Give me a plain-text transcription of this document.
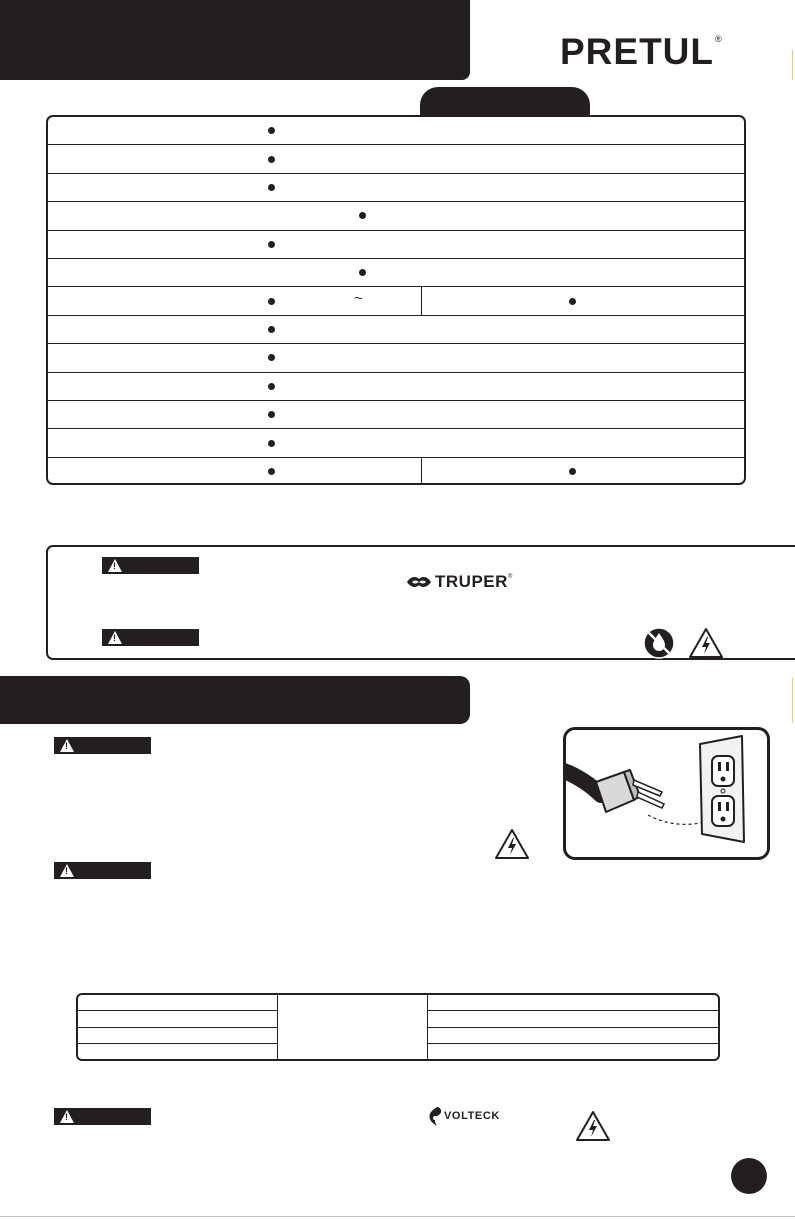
PRETUL®
~
!
!
TRUPER®
!
!
!
VOLTECK
